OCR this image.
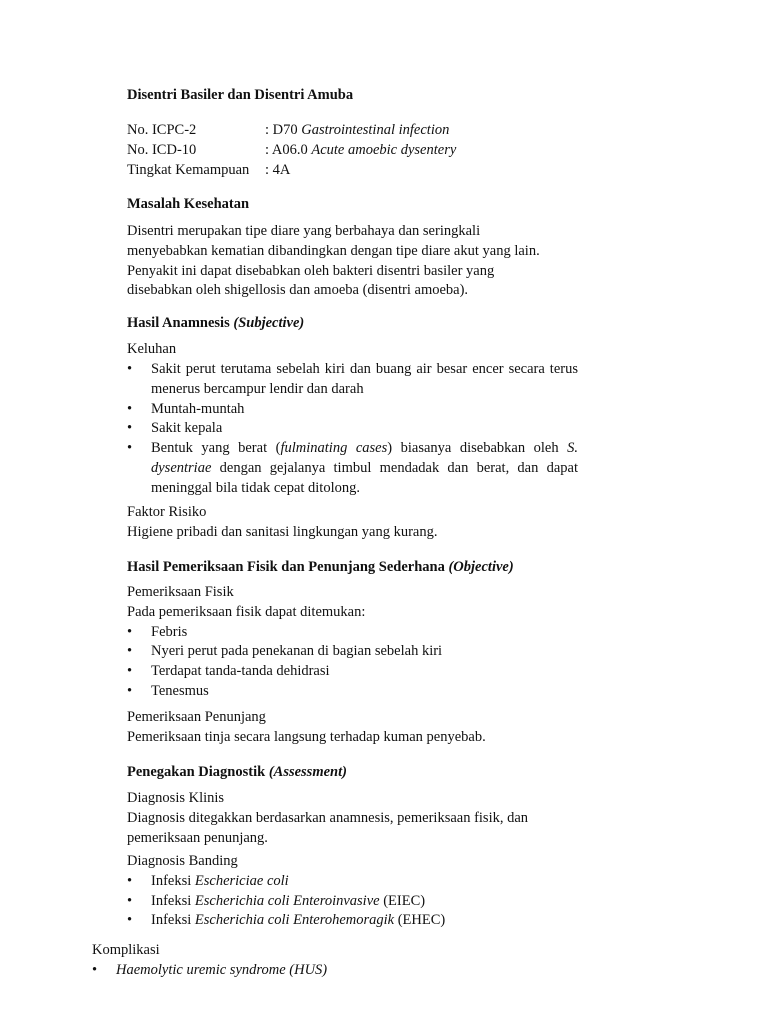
Disentri Basiler dan Disentri Amuba
No. ICPC-2	: D70 Gastrointestinal infection
No. ICD-10	: A06.0 Acute amoebic dysentery
Tingkat Kemampuan	: 4A
Masalah Kesehatan
Disentri merupakan tipe diare yang berbahaya dan seringkali
menyebabkan kematian dibandingkan dengan tipe diare akut yang lain.
Penyakit ini dapat disebabkan oleh bakteri disentri basiler yang
disebabkan oleh shigellosis dan amoeba (disentri amoeba).
Hasil Anamnesis (Subjective)
Keluhan
•	Sakit perut terutama sebelah kiri dan buang air besar encer secara terus menerus bercampur lendir dan darah
•	Muntah-muntah
•	Sakit kepala
•	Bentuk yang berat (fulminating cases) biasanya disebabkan oleh S. dysentriae dengan gejalanya timbul mendadak dan berat, dan dapat meninggal bila tidak cepat ditolong.
Faktor Risiko
Higiene pribadi dan sanitasi lingkungan yang kurang.
Hasil Pemeriksaan Fisik dan Penunjang Sederhana (Objective)
Pemeriksaan Fisik
Pada pemeriksaan fisik dapat ditemukan:
•	Febris
•	Nyeri perut pada penekanan di bagian sebelah kiri
•	Terdapat tanda-tanda dehidrasi
•	Tenesmus
Pemeriksaan Penunjang
Pemeriksaan tinja secara langsung terhadap kuman penyebab.
Penegakan Diagnostik (Assessment)
Diagnosis Klinis
Diagnosis ditegakkan berdasarkan anamnesis, pemeriksaan fisik, dan
pemeriksaan penunjang.
Diagnosis Banding
•	Infeksi Eschericiae coli
•	Infeksi Escherichia coli Enteroinvasive (EIEC)
•	Infeksi Escherichia coli Enterohemoragik (EHEC)
Komplikasi
•	Haemolytic uremic syndrome (HUS)
